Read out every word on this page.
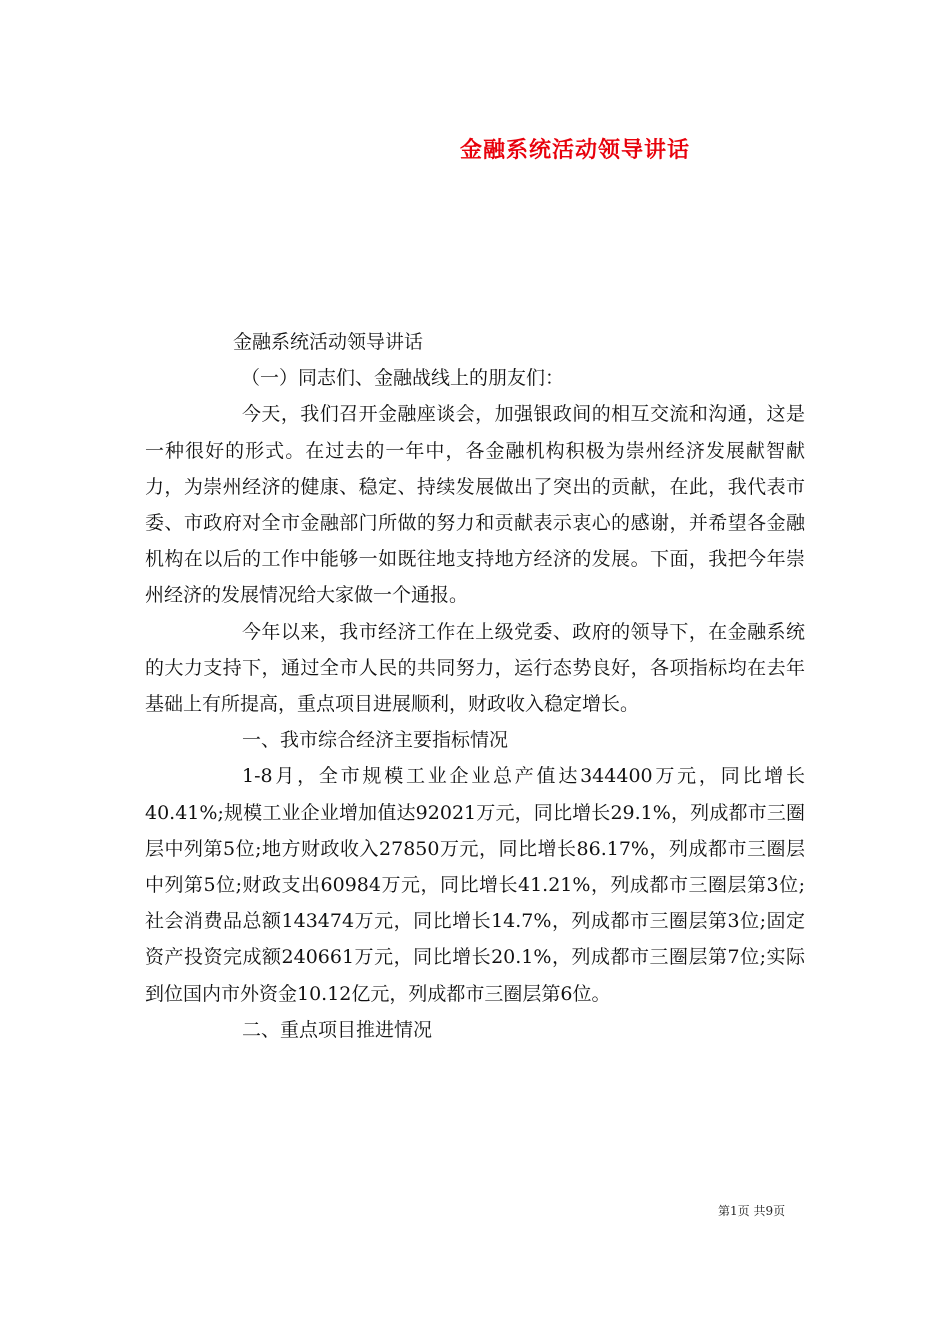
金融系统活动领导讲话

金融系统活动领导讲话

（一）同志们、金融战线上的朋友们：

今天，我们召开金融座谈会，加强银政间的相互交流和沟通，这是一种很好的形式。在过去的一年中，各金融机构积极为崇州经济发展献智献力，为崇州经济的健康、稳定、持续发展做出了突出的贡献，在此，我代表市委、市政府对全市金融部门所做的努力和贡献表示衷心的感谢，并希望各金融机构在以后的工作中能够一如既往地支持地方经济的发展。下面，我把今年崇州经济的发展情况给大家做一个通报。

今年以来，我市经济工作在上级党委、政府的领导下，在金融系统的大力支持下，通过全市人民的共同努力，运行态势良好，各项指标均在去年基础上有所提高，重点项目进展顺利，财政收入稳定增长。

一、我市综合经济主要指标情况

1-8月，全市规模工业企业总产值达344400万元，同比增长40.41%;规模工业企业增加值达92021万元，同比增长29.1%，列成都市三圈层中列第5位;地方财政收入27850万元，同比增长86.17%，列成都市三圈层中列第5位;财政支出60984万元，同比增长41.21%，列成都市三圈层第3位;社会消费品总额143474万元，同比增长14.7%，列成都市三圈层第3位;固定资产投资完成额240661万元，同比增长20.1%，列成都市三圈层第7位;实际到位国内市外资金10.12亿元，列成都市三圈层第6位。

二、重点项目推进情况

第1页 共9页
